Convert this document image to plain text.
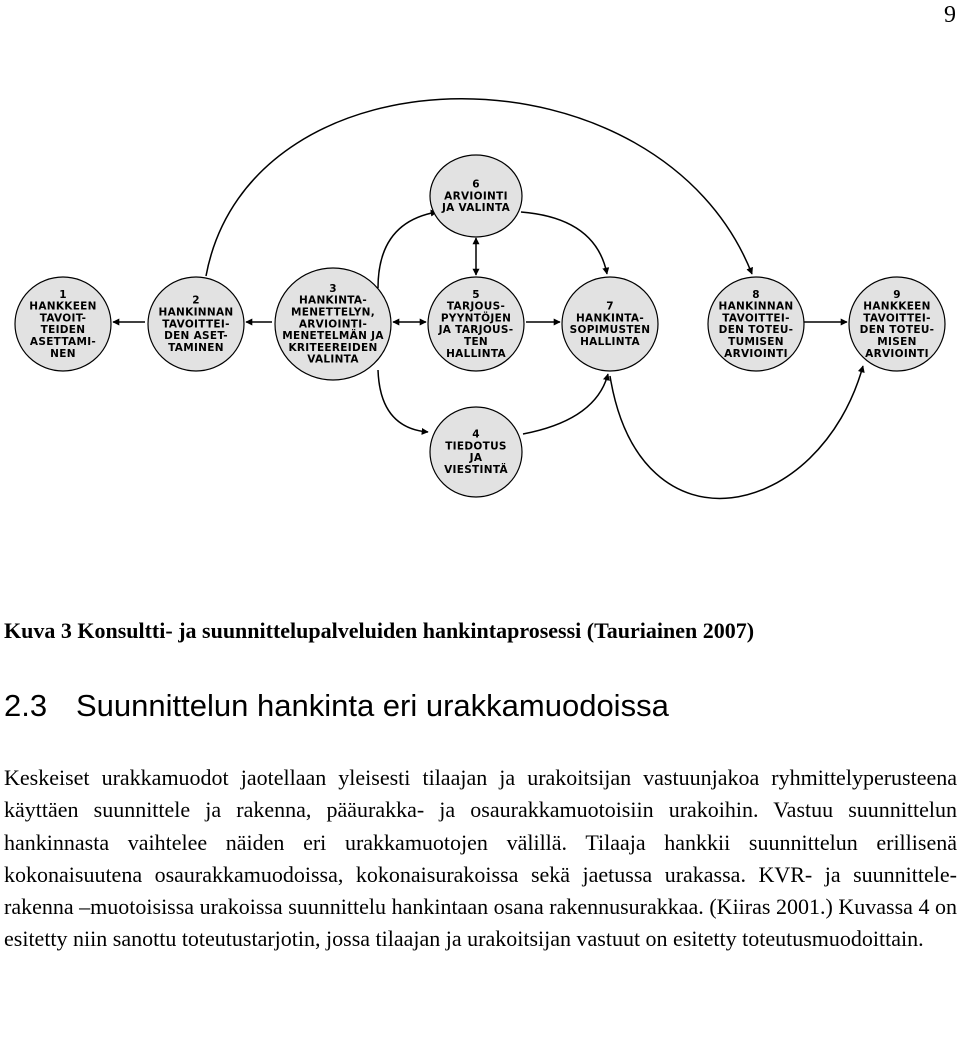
9
1
HANKKEEN
TAVOIT-
TEIDEN
ASETTAMI-
NEN
2
HANKINNAN
TAVOITTEI-
DEN ASET-
TAMINEN
3
HANKINTA-
MENETTELYN,
ARVIOINTI-
MENETELMÄN JA
KRITEEREIDEN
VALINTA
4
TIEDOTUS
JA
VIESTINTÄ
5
TARJOUS-
PYYNTÖJEN
JA TARJOUS-
TEN
HALLINTA
6
ARVIOINTI
JA VALINTA
7
HANKINTA-
SOPIMUSTEN
HALLINTA
8
HANKINNAN
TAVOITTEI-
DEN TOTEU-
TUMISEN
ARVIOINTI
9
HANKKEEN
TAVOITTEI-
DEN TOTEU-
MISEN
ARVIOINTI
Kuva 3 Konsultti- ja suunnittelupalveluiden hankintaprosessi (Tauriainen 2007)
2.3 Suunnittelun hankinta eri urakkamuodoissa

Keskeiset urakkamuodot jaotellaan yleisesti tilaajan ja urakoitsijan vastuunjakoa ryhmittelyperusteena käyttäen suunnittele ja rakenna, pääurakka- ja osaurakkamuotoisiin urakoihin. Vastuu suunnittelun hankinnasta vaihtelee näiden eri urakkamuotojen välillä. Tilaaja hankkii suunnittelun erillisenä kokonaisuutena osaurakkamuodoissa, kokonaisurakoissa sekä jaetussa urakassa. KVR- ja suunnittele-rakenna –muotoisissa urakoissa suunnittelu hankintaan osana rakennusurakkaa. (Kiiras 2001.) Kuvassa 4 on esitetty niin sanottu toteutustarjotin, jossa tilaajan ja urakoitsijan vastuut on esitetty toteutusmuodoittain.
